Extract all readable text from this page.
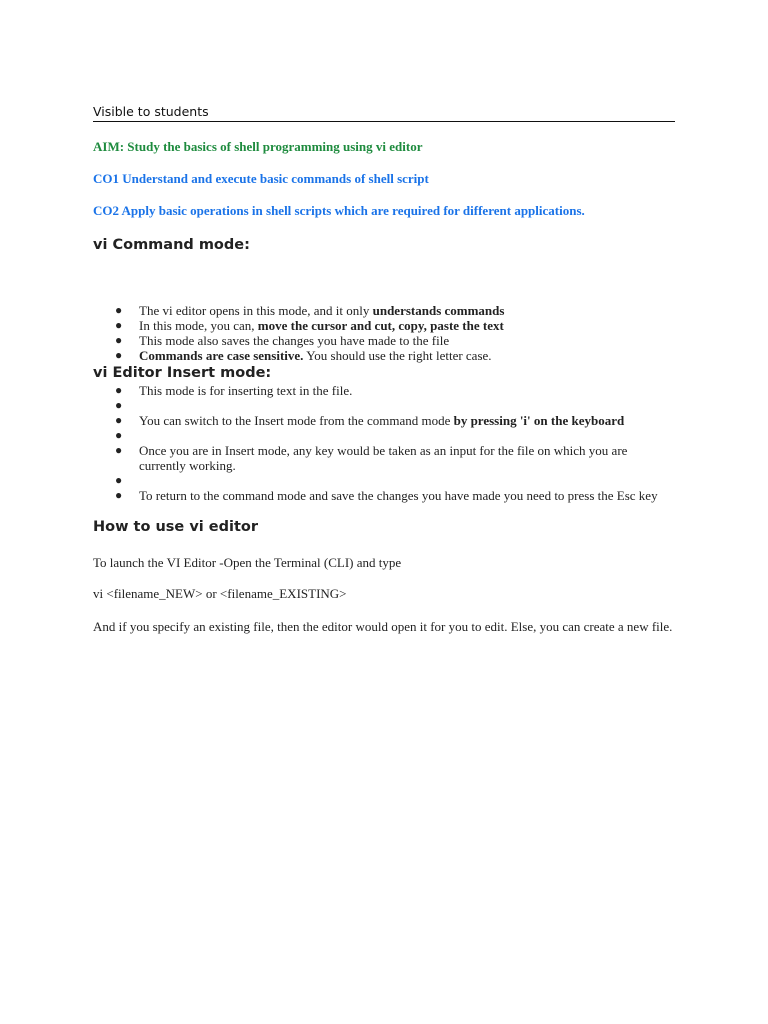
Visible to students
AIM: Study the basics of shell programming using vi editor
CO1 Understand and execute basic commands of shell script
CO2 Apply basic operations in shell scripts which are required for different applications.
vi Command mode:
● The vi editor opens in this mode, and it only understands commands
● In this mode, you can, move the cursor and cut, copy, paste the text
● This mode also saves the changes you have made to the file
● Commands are case sensitive. You should use the right letter case.
vi Editor Insert mode:
● This mode is for inserting text in the file.
●
● You can switch to the Insert mode from the command mode by pressing 'i' on the keyboard
●
● Once you are in Insert mode, any key would be taken as an input for the file on which you are currently working.
●
● To return to the command mode and save the changes you have made you need to press the Esc key
How to use vi editor
To launch the VI Editor -Open the Terminal (CLI) and type
vi <filename_NEW> or <filename_EXISTING>
And if you specify an existing file, then the editor would open it for you to edit. Else, you can create a new file.
